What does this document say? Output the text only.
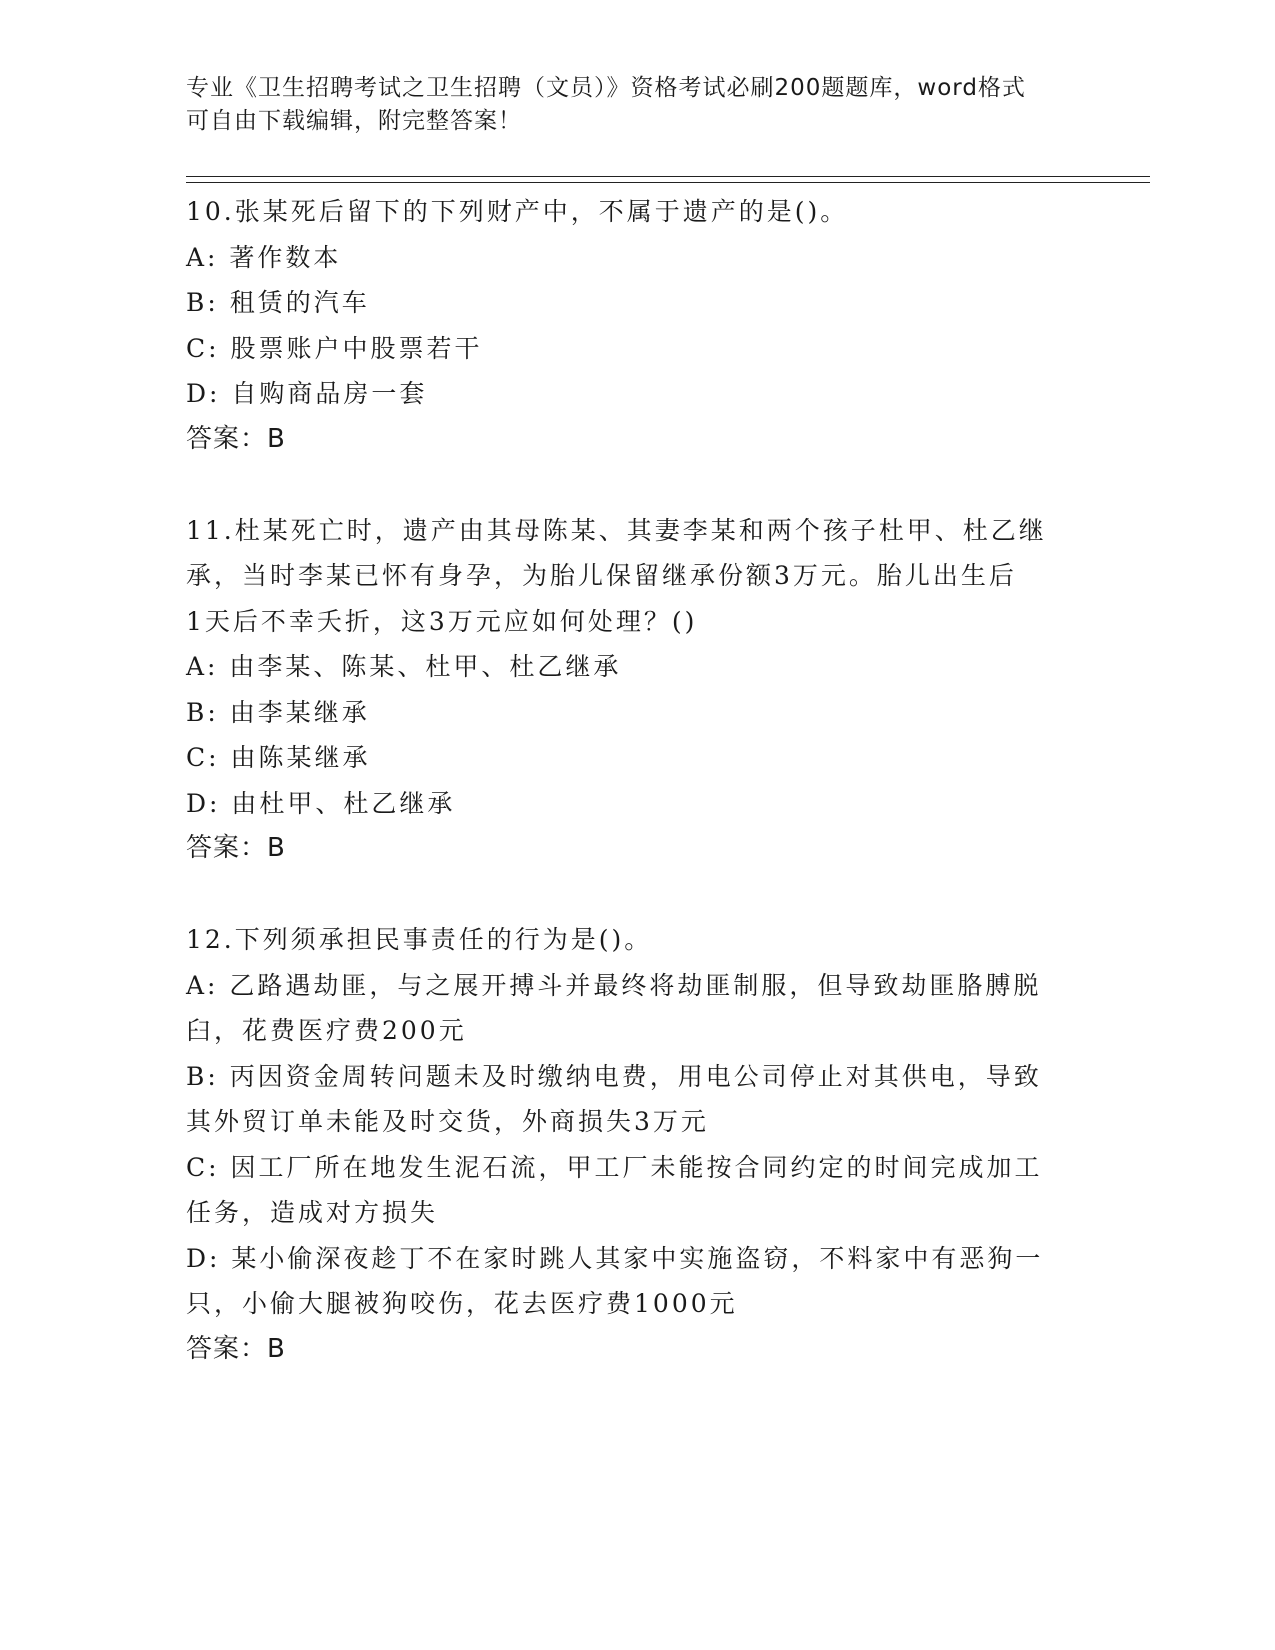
专业《卫生招聘考试之卫生招聘（文员）》资格考试必刷200题题库，word格式
可自由下载编辑，附完整答案！
10.张某死后留下的下列财产中，不属于遗产的是()。
A: 著作数本
B: 租赁的汽车
C: 股票账户中股票若干
D: 自购商品房一套
答案：B
11.杜某死亡时，遗产由其母陈某、其妻李某和两个孩子杜甲、杜乙继
承，当时李某已怀有身孕，为胎儿保留继承份额3万元。胎儿出生后
1天后不幸夭折，这3万元应如何处理？()
A: 由李某、陈某、杜甲、杜乙继承
B: 由李某继承
C: 由陈某继承
D: 由杜甲、杜乙继承
答案：B
12.下列须承担民事责任的行为是()。
A: 乙路遇劫匪，与之展开搏斗并最终将劫匪制服，但导致劫匪胳膊脱
臼，花费医疗费200元
B: 丙因资金周转问题未及时缴纳电费，用电公司停止对其供电，导致
其外贸订单未能及时交货，外商损失3万元
C: 因工厂所在地发生泥石流，甲工厂未能按合同约定的时间完成加工
任务，造成对方损失
D: 某小偷深夜趁丁不在家时跳人其家中实施盗窃，不料家中有恶狗一
只，小偷大腿被狗咬伤，花去医疗费1000元
答案：B
